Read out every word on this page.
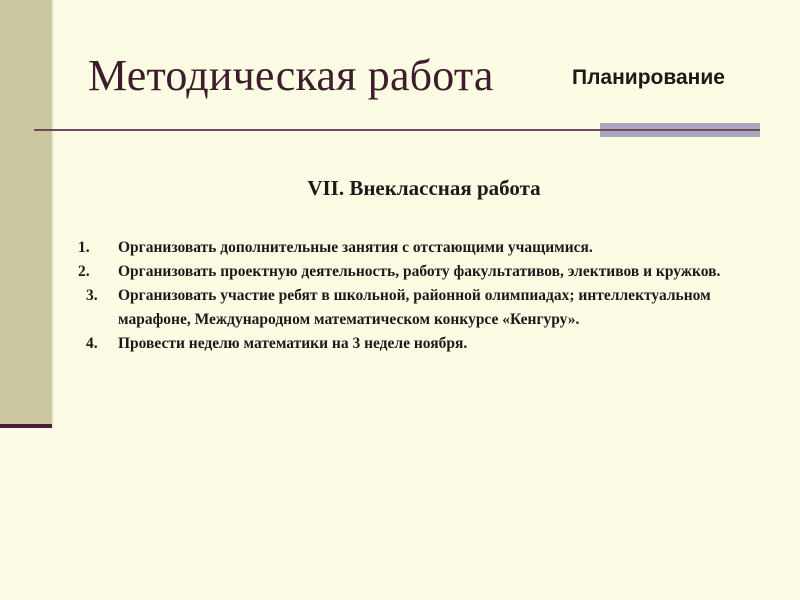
Методическая работа	Планирование
VII. Внеклассная работа
1.	Организовать дополнительные занятия с отстающими учащимися.
2.	Организовать проектную деятельность, работу факультативов, элективов и кружков.
3.	Организовать участие ребят в школьной, районной олимпиадах; интеллектуальном марафоне, Международном математическом конкурсе «Кенгуру».
4.	Провести неделю математики на 3 неделе ноября.
